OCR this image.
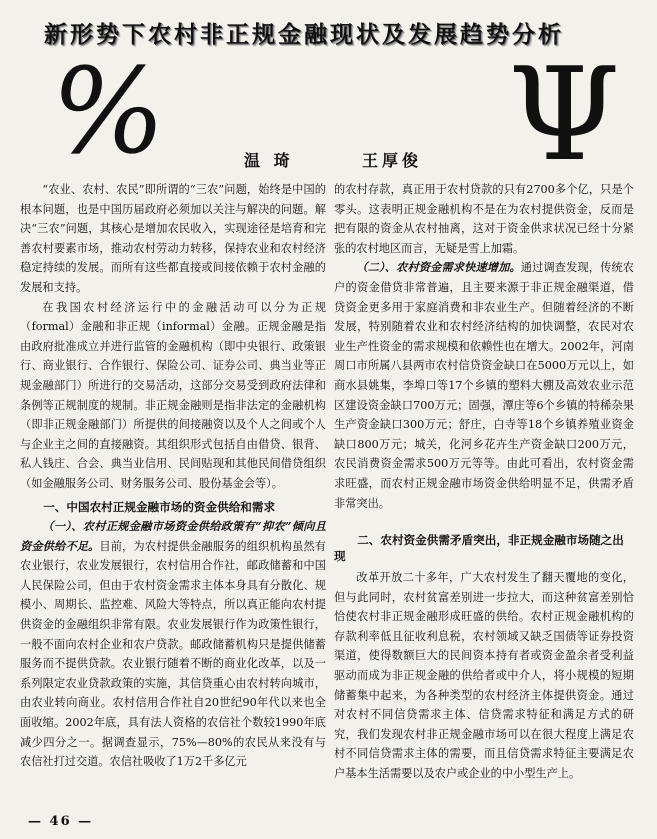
新形势下农村非正规金融现状及发展趋势分析
%	Ψ
温 琦	王厚俊

“农业、农村、农民”即所谓的“三农”问题，始终是中国的根本问题，也是中国历届政府必须加以关注与解决的问题。解决“三农”问题，其核心是增加农民收入，实现途径是培育和完善农村要素市场，推动农村劳动力转移，保持农业和农村经济稳定持续的发展。而所有这些都直接或间接依赖于农村金融的发展和支持。

在我国农村经济运行中的金融活动可以分为正规（formal）金融和非正规（informal）金融。正规金融是指由政府批准成立并进行监管的金融机构（即中央银行、政策银行、商业银行、合作银行、保险公司、证券公司、典当业等正规金融部门）所进行的交易活动，这部分交易受到政府法律和条例等正规制度的规制。非正规金融则是指非法定的金融机构（即非正规金融部门）所提供的间接融资以及个人之间或个人与企业主之间的直接融资。其组织形式包括自由借贷、银背、私人钱庄、合会、典当业信用、民间贴现和其他民间借贷组织（如金融服务公司、财务服务公司、股份基金会等）。

一、中国农村正规金融市场的资金供给和需求

（一）、农村正规金融市场资金供给政策有“抑农”倾向且资金供给不足。目前，为农村提供金融服务的组织机构虽然有农业银行，农业发展银行，农村信用合作社，邮政储蓄和中国人民保险公司，但由于农村资金需求主体本身具有分散化、规模小、周期长、监控难、风险大等特点，所以真正能向农村提供资金的金融组织非常有限。农业发展银行作为政策性银行，一般不面向农村企业和农户贷款。邮政储蓄机构只是提供储蓄服务而不提供贷款。农业银行随着不断的商业化改革，以及一系列限定农业贷款政策的实施，其信贷重心由农村转向城市，由农业转向商业。农村信用合作社自20世纪90年代以来也全面收缩。2002年底，具有法人资格的农信社个数较1990年底减少四分之一。据调查显示，75%—80%的农民从来没有与农信社打过交道。农信社吸收了1万2千多亿元

的农村存款，真正用于农村贷款的只有2700多个亿，只是个零头。这表明正规金融机构不是在为农村提供资金，反而是把有限的资金从农村抽离，这对于资金供求状况已经十分紧张的农村地区而言，无疑是雪上加霜。

（二）、农村资金需求快速增加。通过调查发现，传统农户的资金借贷非常普遍，且主要来源于非正规金融渠道，借贷资金更多用于家庭消费和非农业生产。但随着经济的不断发展，特别随着农业和农村经济结构的加快调整，农民对农业生产性资金的需求规模和依赖性也在增大。2002年，河南周口市所属八县两市农村信贷资金缺口在5000万元以上，如商水县姚集，李埠口等17个乡镇的塑料大棚及高效农业示范区建设资金缺口700万元；固强，潭庄等6个乡镇的特稀杂果生产资金缺口300万元；舒庄，白寺等18个乡镇养殖业资金缺口800万元；城关，化河乡花卉生产资金缺口200万元，农民消费资金需求500万元等等。由此可看出，农村资金需求旺盛，而农村正规金融市场资金供给明显不足，供需矛盾非常突出。

二、农村资金供需矛盾突出，非正规金融市场随之出现

改革开放二十多年，广大农村发生了翻天覆地的变化，但与此同时，农村贫富差别进一步拉大，而这种贫富差别恰恰使农村非正规金融形成旺盛的供给。农村正规金融机构的存款利率低且征收利息税，农村领域又缺乏国债等证券投资渠道，使得数额巨大的民间资本持有者或资金盈余者受利益驱动而成为非正规金融的供给者或中介人，将小规模的短期储蓄集中起来，为各种类型的农村经济主体提供资金。通过对农村不同信贷需求主体、信贷需求特征和满足方式的研究，我们发现农村非正规金融市场可以在很大程度上满足农村不同信贷需求主体的需要，而且信贷需求特征主要满足农户基本生活需要以及农户或企业的中小型生产上。

— 46 —
